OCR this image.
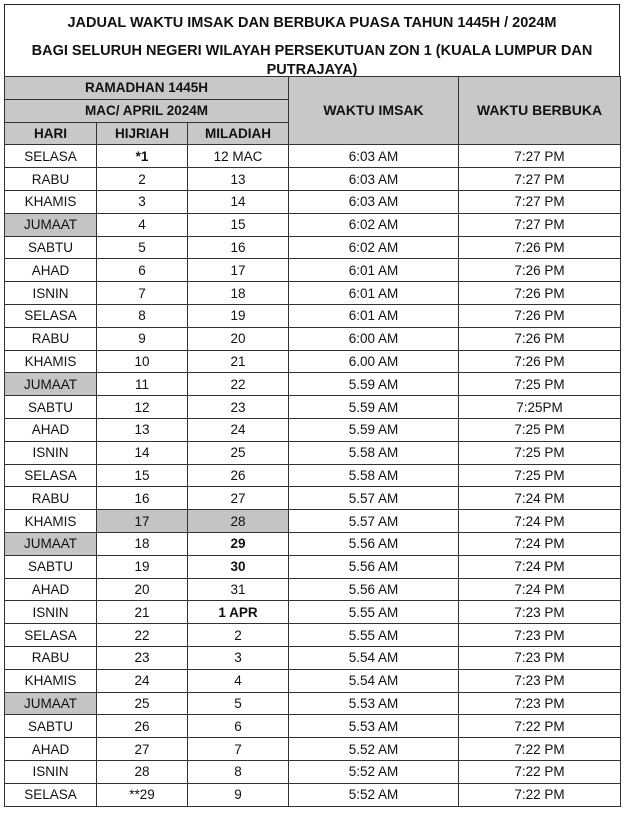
JADUAL WAKTU IMSAK DAN BERBUKA PUASA TAHUN 1445H / 2024M
BAGI SELURUH NEGERI WILAYAH PERSEKUTUAN ZON 1 (KUALA LUMPUR DAN PUTRAJAYA)
RAMADHAN 1445H			WAKTU IMSAK	WAKTU BERBUKA
MAC/ APRIL 2024M				
HARI	HIJRIAH	MILADIAH		
SELASA	*1	12 MAC	6:03 AM	7:27 PM
RABU	2	13	6:03 AM	7:27 PM
KHAMIS	3	14	6:03 AM	7:27 PM
JUMAAT	4	15	6:02 AM	7:27 PM
SABTU	5	16	6:02 AM	7:26 PM
AHAD	6	17	6:01 AM	7:26 PM
ISNIN	7	18	6:01 AM	7:26 PM
SELASA	8	19	6:01 AM	7:26 PM
RABU	9	20	6:00 AM	7:26 PM
KHAMIS	10	21	6.00 AM	7:26 PM
JUMAAT	11	22	5.59 AM	7:25 PM
SABTU	12	23	5.59 AM	7:25PM
AHAD	13	24	5.59 AM	7:25 PM
ISNIN	14	25	5.58 AM	7:25 PM
SELASA	15	26	5.58 AM	7:25 PM
RABU	16	27	5.57 AM	7:24 PM
KHAMIS	17	28	5.57 AM	7:24 PM
JUMAAT	18	29	5.56 AM	7:24 PM
SABTU	19	30	5.56 AM	7:24 PM
AHAD	20	31	5.56 AM	7:24 PM
ISNIN	21	1 APR	5.55 AM	7:23 PM
SELASA	22	2	5.55 AM	7:23 PM
RABU	23	3	5.54 AM	7:23 PM
KHAMIS	24	4	5.54 AM	7:23 PM
JUMAAT	25	5	5.53 AM	7:23 PM
SABTU	26	6	5.53 AM	7:22 PM
AHAD	27	7	5.52 AM	7:22 PM
ISNIN	28	8	5:52 AM	7:22 PM
SELASA	**29	9	5:52 AM	7:22 PM
